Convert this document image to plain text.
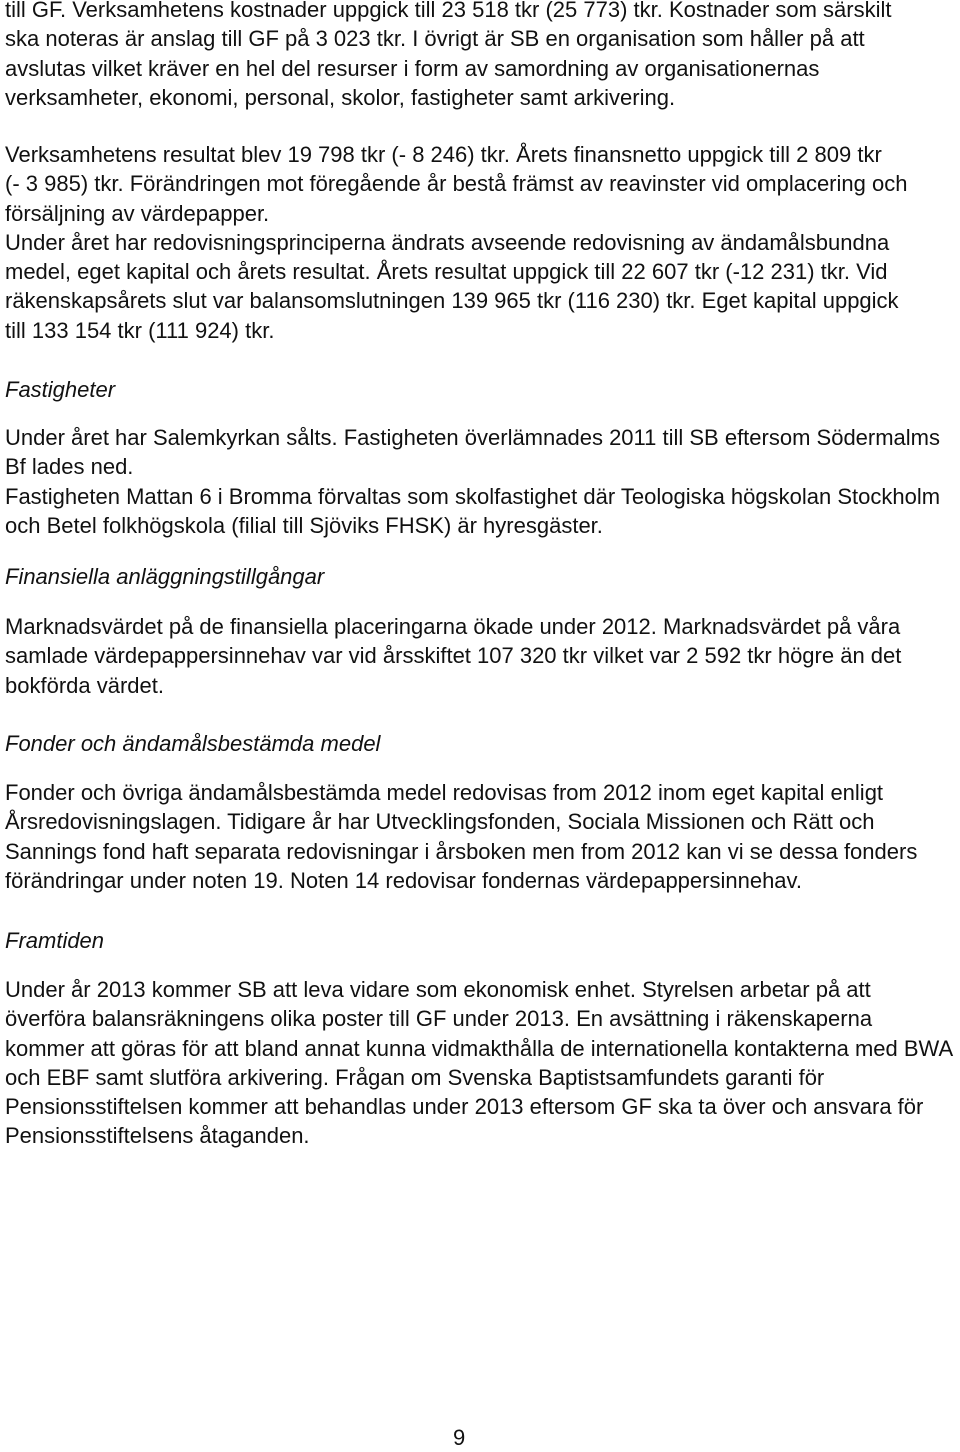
till GF. Verksamhetens kostnader uppgick till 23 518 tkr (25 773) tkr. Kostnader som särskilt
ska noteras är anslag till GF på 3 023 tkr. I övrigt är SB en organisation som håller på att
avslutas vilket kräver en hel del resurser i form av samordning av organisationernas
verksamheter, ekonomi, personal, skolor, fastigheter samt arkivering.
Verksamhetens resultat blev 19 798 tkr (- 8 246) tkr. Årets finansnetto uppgick till 2 809 tkr
(- 3 985) tkr. Förändringen mot föregående år bestå främst av reavinster vid omplacering och
försäljning av värdepapper.
Under året har redovisningsprinciperna ändrats avseende redovisning av ändamålsbundna
medel, eget kapital och årets resultat. Årets resultat uppgick till 22 607 tkr (-12 231) tkr. Vid
räkenskapsårets slut var balansomslutningen 139 965 tkr (116 230) tkr. Eget kapital uppgick
till 133 154 tkr (111 924) tkr.
Fastigheter
Under året har Salemkyrkan sålts. Fastigheten överlämnades 2011 till SB eftersom Södermalms
Bf lades ned.
Fastigheten Mattan 6 i Bromma förvaltas som skolfastighet där Teologiska högskolan Stockholm
och Betel folkhögskola (filial till Sjöviks FHSK) är hyresgäster.
Finansiella anläggningstillgångar
Marknadsvärdet på de finansiella placeringarna ökade under 2012. Marknadsvärdet på våra
samlade värdepappersinnehav var vid årsskiftet 107 320 tkr vilket var 2 592 tkr högre än det
bokförda värdet.
Fonder och ändamålsbestämda medel
Fonder och övriga ändamålsbestämda medel redovisas from 2012 inom eget kapital enligt
Årsredovisningslagen. Tidigare år har Utvecklingsfonden, Sociala Missionen och Rätt och
Sannings fond haft separata redovisningar i årsboken men from 2012 kan vi se dessa fonders
förändringar under noten 19. Noten 14 redovisar fondernas värdepappersinnehav.
Framtiden
Under år 2013 kommer SB att leva vidare som ekonomisk enhet. Styrelsen arbetar på att
överföra balansräkningens olika poster till GF under 2013. En avsättning i räkenskaperna
kommer att göras för att bland annat kunna vidmakthålla de internationella kontakterna med BWA
och EBF samt slutföra arkivering. Frågan om Svenska Baptistsamfundets garanti för
Pensionsstiftelsen kommer att behandlas under 2013 eftersom GF ska ta över och ansvara för
Pensionsstiftelsens åtaganden.
9
